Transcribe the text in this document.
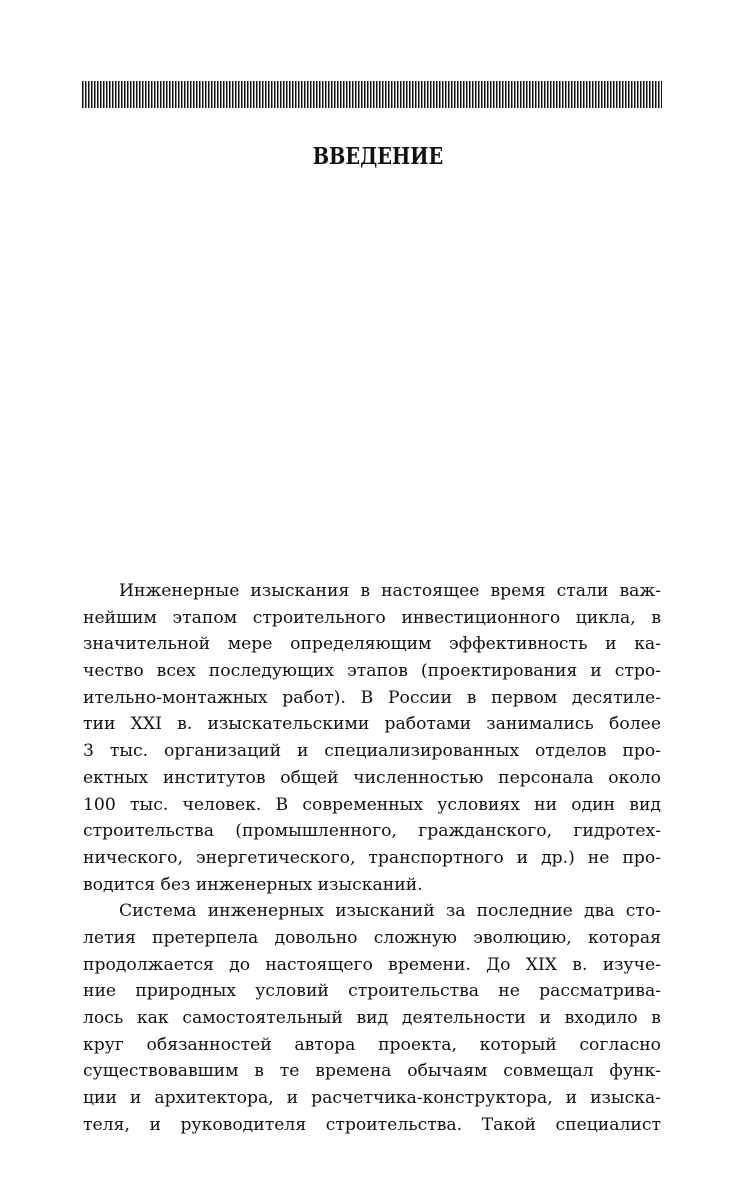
ВВЕДЕНИЕ
Инженерные изыскания в настоящее время стали важ-
нейшим этапом строительного инвестиционного цикла, в
значительной мере определяющим эффективность и ка-
чество всех последующих этапов (проектирования и стро-
ительно-монтажных работ). В России в первом десятиле-
тии XXI в. изыскательскими работами занимались более
3 тыс. организаций и специализированных отделов про-
ектных институтов общей численностью персонала около
100 тыс. человек. В современных условиях ни один вид
строительства (промышленного, гражданского, гидротех-
нического, энергетического, транспортного и др.) не про-
водится без инженерных изысканий.
Система инженерных изысканий за последние два сто-
летия претерпела довольно сложную эволюцию, которая
продолжается до настоящего времени. До XIX в. изуче-
ние природных условий строительства не рассматрива-
лось как самостоятельный вид деятельности и входило в
круг обязанностей автора проекта, который согласно
существовавшим в те времена обычаям совмещал функ-
ции и архитектора, и расчетчика-конструктора, и изыска-
теля, и руководителя строительства. Такой специалист
